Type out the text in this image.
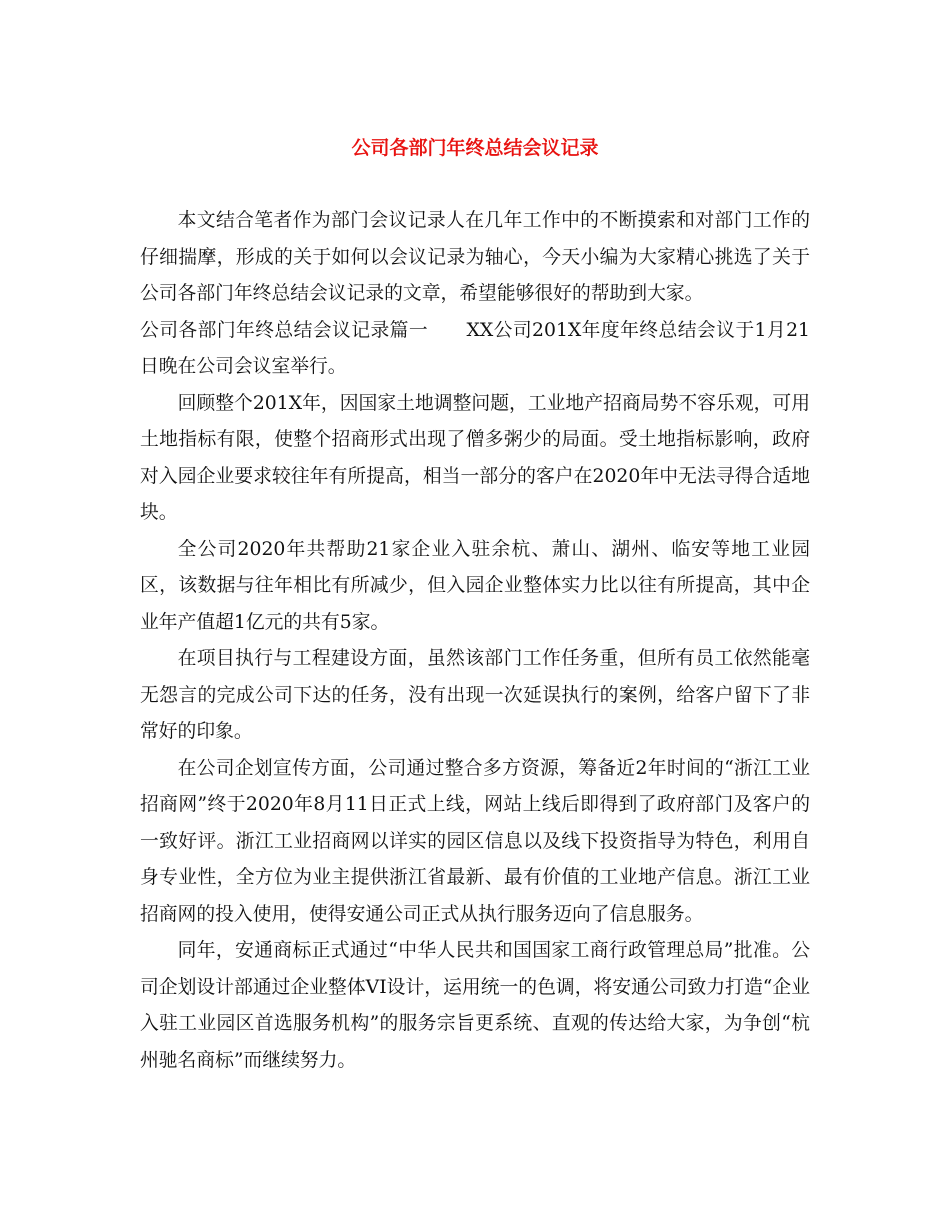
公司各部门年终总结会议记录

本文结合笔者作为部门会议记录人在几年工作中的不断摸索和对部门工作的仔细揣摩，形成的关于如何以会议记录为轴心，今天小编为大家精心挑选了关于公司各部门年终总结会议记录的文章，希望能够很好的帮助到大家。

公司各部门年终总结会议记录篇一　　XX公司201X年度年终总结会议于1月21日晚在公司会议室举行。

回顾整个201X年，因国家土地调整问题，工业地产招商局势不容乐观，可用土地指标有限，使整个招商形式出现了僧多粥少的局面。受土地指标影响，政府对入园企业要求较往年有所提高，相当一部分的客户在2020年中无法寻得合适地块。

全公司2020年共帮助21家企业入驻余杭、萧山、湖州、临安等地工业园区，该数据与往年相比有所减少，但入园企业整体实力比以往有所提高，其中企业年产值超1亿元的共有5家。

在项目执行与工程建设方面，虽然该部门工作任务重，但所有员工依然能毫无怨言的完成公司下达的任务，没有出现一次延误执行的案例，给客户留下了非常好的印象。

在公司企划宣传方面，公司通过整合多方资源，筹备近2年时间的“浙江工业招商网”终于2020年8月11日正式上线，网站上线后即得到了政府部门及客户的一致好评。浙江工业招商网以详实的园区信息以及线下投资指导为特色，利用自身专业性，全方位为业主提供浙江省最新、最有价值的工业地产信息。浙江工业招商网的投入使用，使得安通公司正式从执行服务迈向了信息服务。

同年，安通商标正式通过“中华人民共和国国家工商行政管理总局”批准。公司企划设计部通过企业整体VI设计，运用统一的色调，将安通公司致力打造“企业入驻工业园区首选服务机构”的服务宗旨更系统、直观的传达给大家，为争创“杭州驰名商标”而继续努力。
